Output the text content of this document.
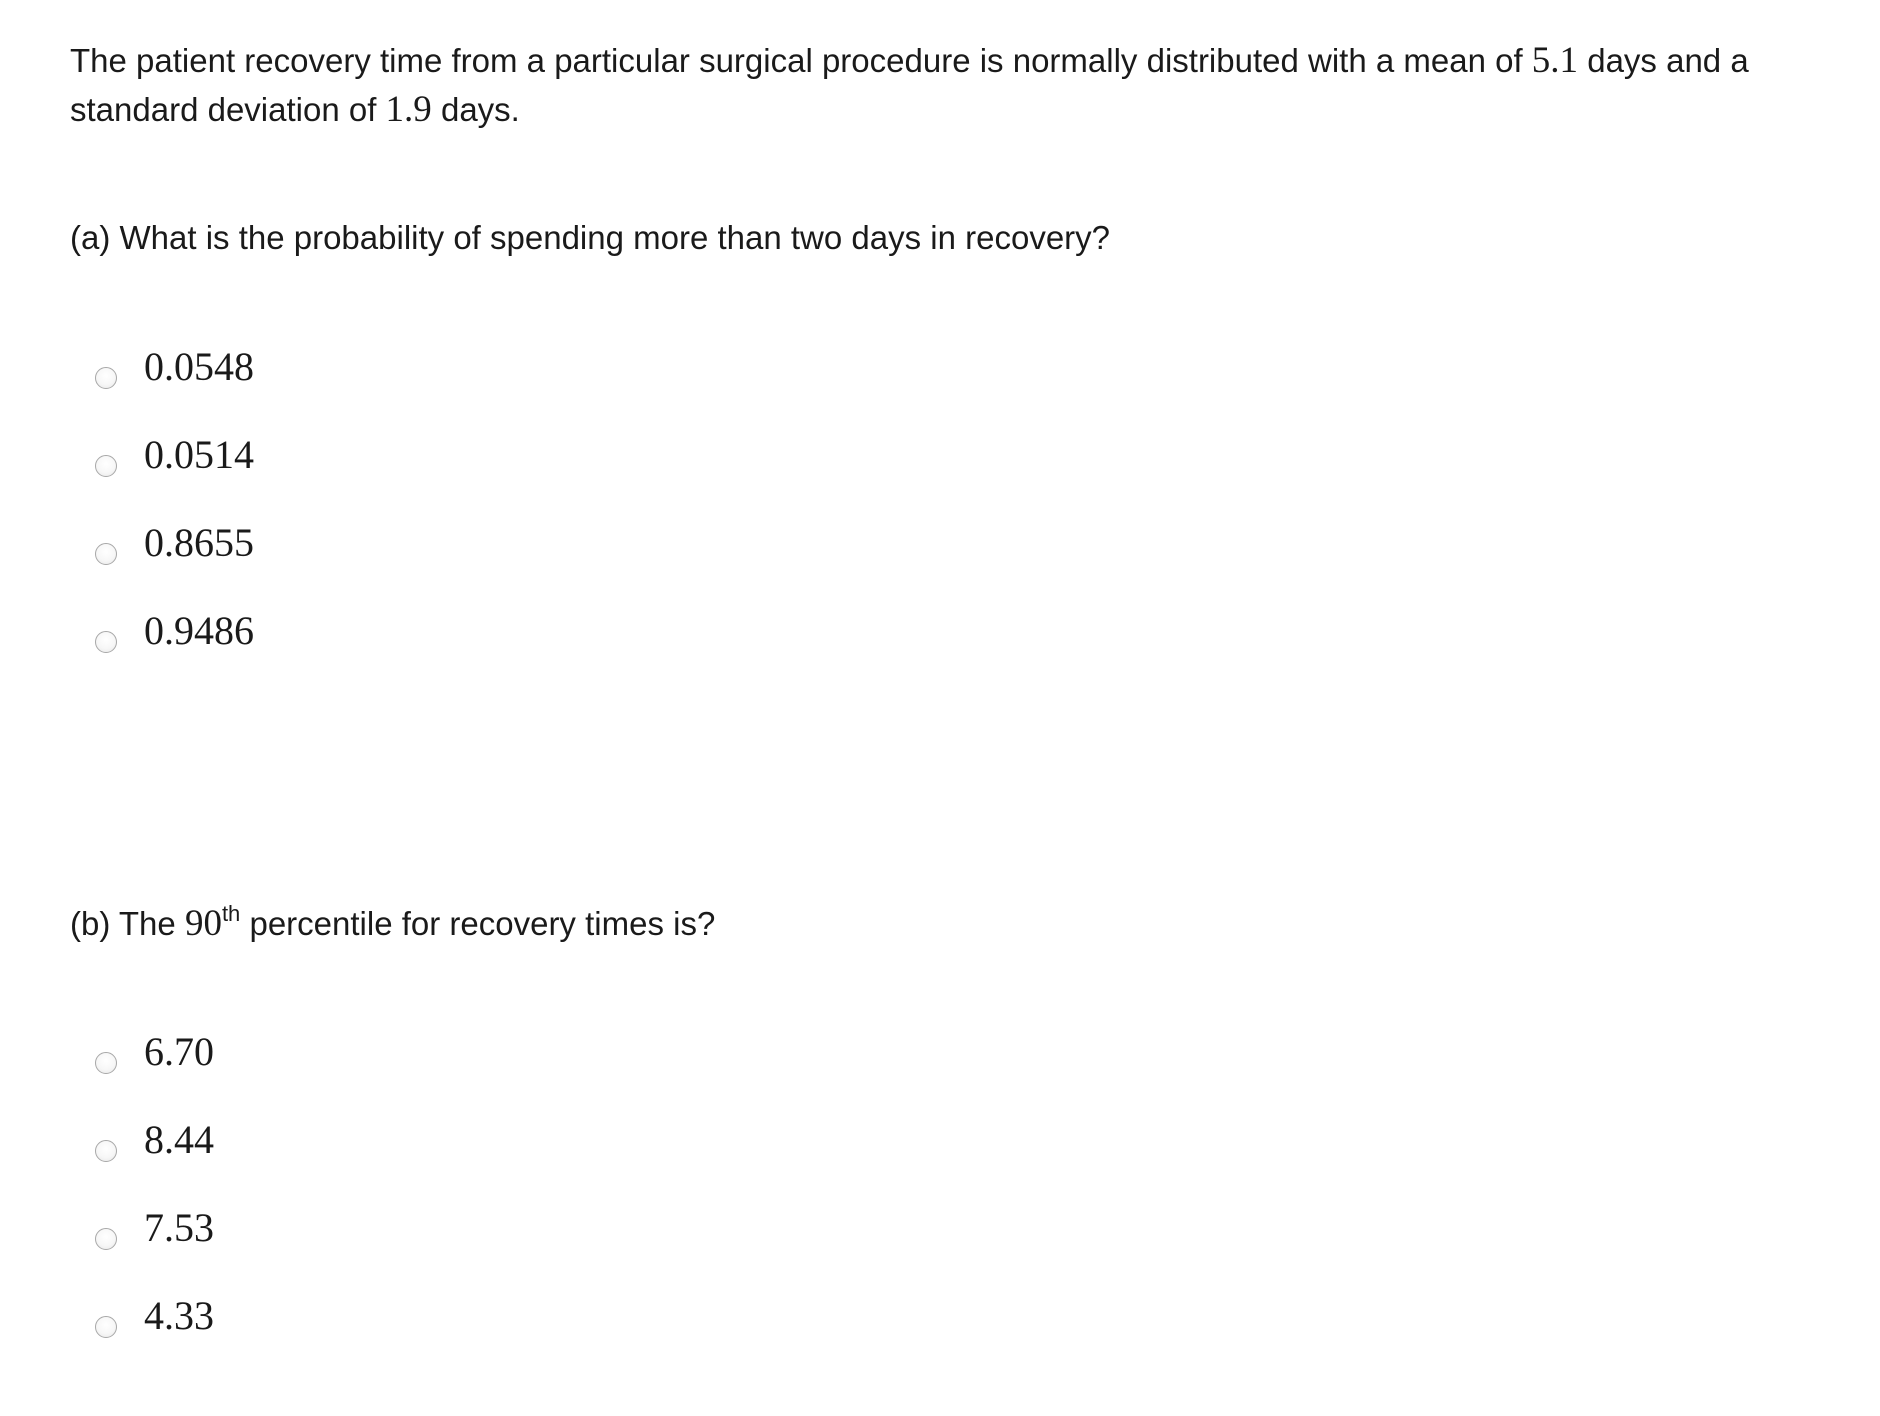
The patient recovery time from a particular surgical procedure is normally distributed with a mean of 5.1 days and a standard deviation of 1.9 days.

(a) What is the probability of spending more than two days in recovery?

0.0548
0.0514
0.8655
0.9486

(b) The 90th percentile for recovery times is?

6.70
8.44
7.53
4.33
